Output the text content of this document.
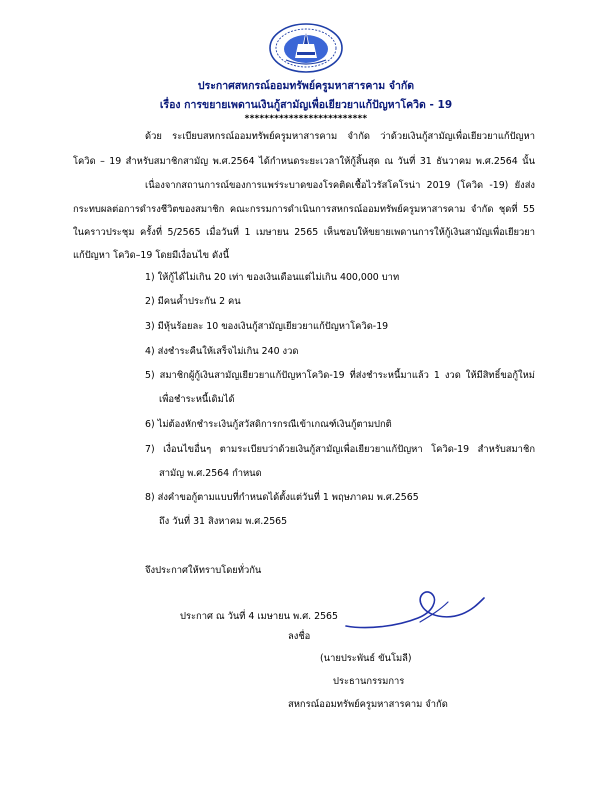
ประกาศสหกรณ์ออมทรัพย์ครูมหาสารคาม จำกัด
เรื่อง การขยายเพดานเงินกู้สามัญเพื่อเยียวยาแก้ปัญหาโควิด - 19
*************************
ด้วย ระเบียบสหกรณ์ออมทรัพย์ครูมหาสารคาม จำกัด ว่าด้วยเงินกู้สามัญเพื่อเยียวยาแก้ปัญหา
โควิด – 19 สำหรับสมาชิกสามัญ พ.ศ.2564 ได้กำหนดระยะเวลาให้กู้สิ้นสุด ณ วันที่ 31 ธันวาคม พ.ศ.2564 นั้น
เนื่องจากสถานการณ์ของการแพร่ระบาดของโรคติดเชื้อไวรัสโคโรน่า 2019 (โควิด -19) ยังส่ง
กระทบผลต่อการดำรงชีวิตของสมาชิก คณะกรรมการดำเนินการสหกรณ์ออมทรัพย์ครูมหาสารคาม จำกัด ชุดที่ 55
ในคราวประชุม ครั้งที่ 5/2565 เมื่อวันที่ 1 เมษายน 2565 เห็นชอบให้ขยายเพดานการให้กู้เงินสามัญเพื่อเยียวยา
แก้ปัญหา โควิด–19 โดยมีเงื่อนไข ดังนี้
1) ให้กู้ได้ไม่เกิน 20 เท่า ของเงินเดือนแต่ไม่เกิน 400,000 บาท
2) มีคนค้ำประกัน 2 คน
3) มีหุ้นร้อยละ 10 ของเงินกู้สามัญเยียวยาแก้ปัญหาโควิด-19
4) ส่งชำระคืนให้เสร็จไม่เกิน 240 งวด
5) สมาชิกผู้กู้เงินสามัญเยียวยาแก้ปัญหาโควิด-19 ที่ส่งชำระหนี้มาแล้ว 1 งวด ให้มีสิทธิ์ขอกู้ใหม่
เพื่อชำระหนี้เดิมได้
6) ไม่ต้องหักชำระเงินกู้สวัสดิการกรณีเข้าเกณฑ์เงินกู้ตามปกติ
7) เงื่อนไขอื่นๆ ตามระเบียบว่าด้วยเงินกู้สามัญเพื่อเยียวยาแก้ปัญหา โควิด-19 สำหรับสมาชิก
สามัญ พ.ศ.2564 กำหนด
8) ส่งคำขอกู้ตามแบบที่กำหนดได้ตั้งแต่วันที่ 1 พฤษภาคม พ.ศ.2565
ถึง วันที่ 31 สิงหาคม พ.ศ.2565
จึงประกาศให้ทราบโดยทั่วกัน
ประกาศ ณ วันที่ 4 เมษายน พ.ศ. 2565
ลงชื่อ
(นายประพันธ์ ขันโมลี)
ประธานกรรมการ
สหกรณ์ออมทรัพย์ครูมหาสารคาม จำกัด
